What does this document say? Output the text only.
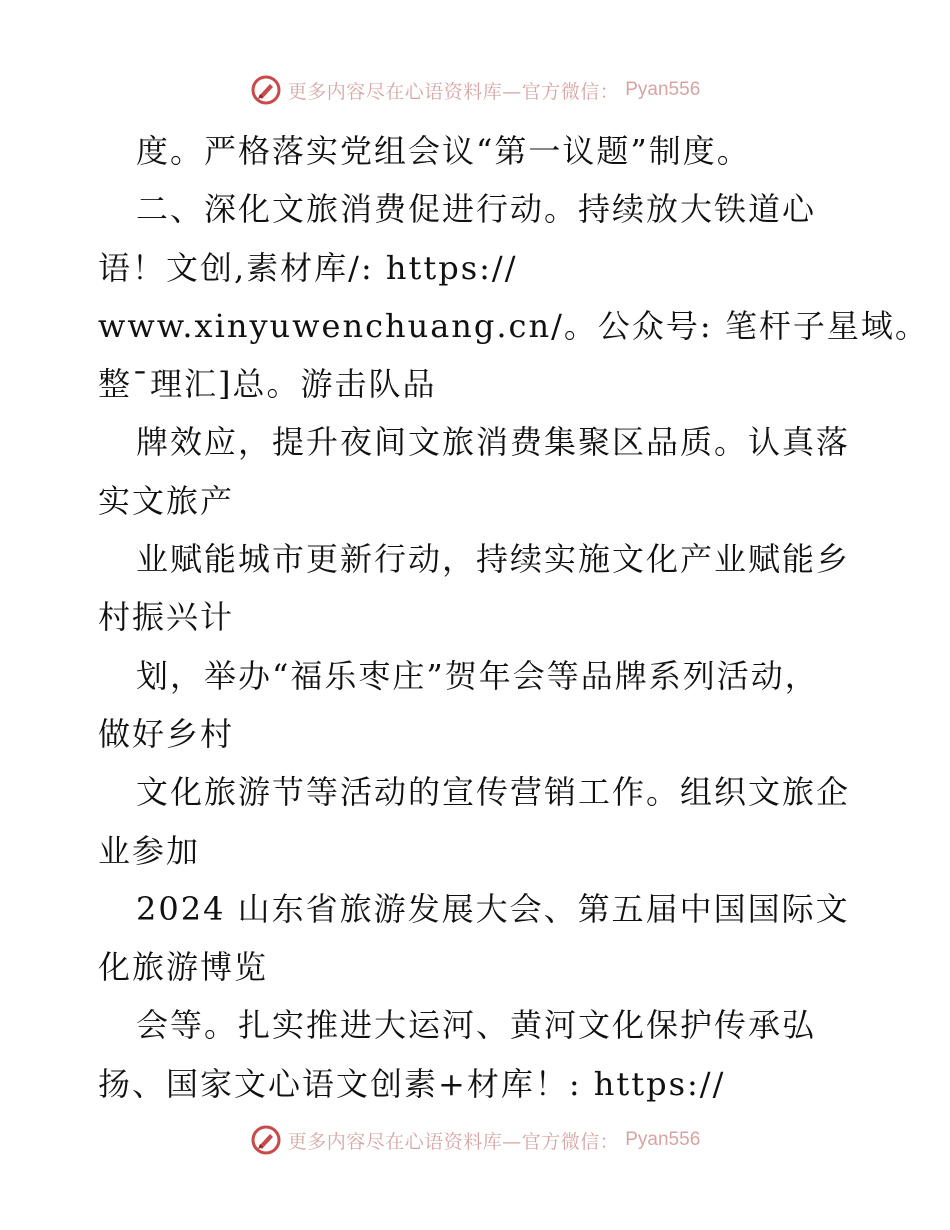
更多内容尽在心语资料库—官方微信： Pyan556
度。严格落实党组会议“第一议题”制度。
二、深化文旅消费促进行动。持续放大铁道心
语！文创,素材库/: https://
www.xinyuwenchuang.cn/。公众号: 笔杆子星域。
整¯理汇]总。游击队品
牌效应，提升夜间文旅消费集聚区品质。认真落
实文旅产
业赋能城市更新行动，持续实施文化产业赋能乡
村振兴计
划，举办“福乐枣庄”贺年会等品牌系列活动，
做好乡村
文化旅游节等活动的宣传营销工作。组织文旅企
业参加
2024 山东省旅游发展大会、第五届中国国际文
化旅游博览
会等。扎实推进大运河、黄河文化保护传承弘
扬、国家文心语文创素+材库！: https://
更多内容尽在心语资料库—官方微信： Pyan556
